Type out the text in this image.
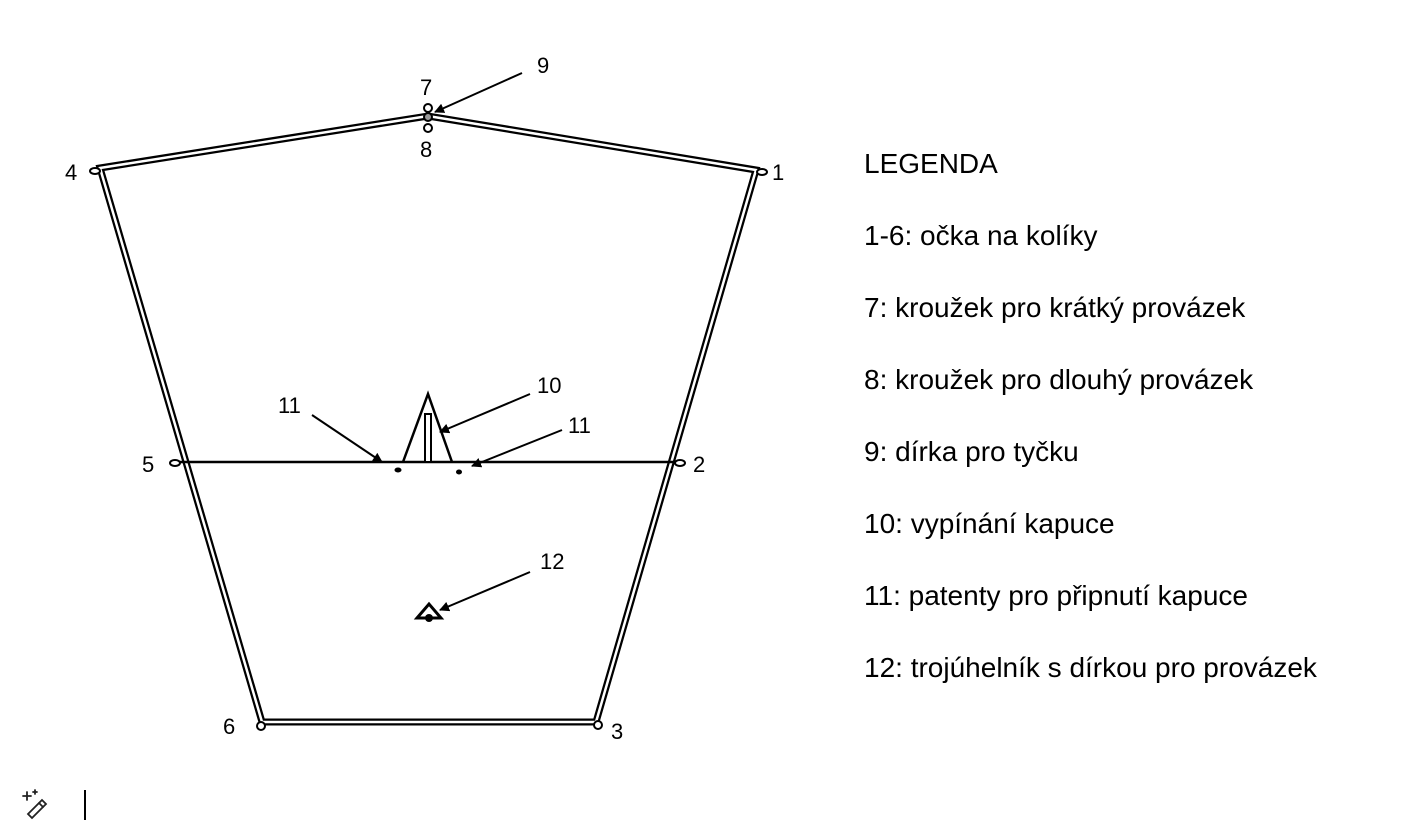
1
2
3
4
5
6
7
8
9
10
11
11
12
LEGENDA
1-6: očka na kolíky
7: kroužek pro krátký provázek
8: kroužek pro dlouhý provázek
9: dírka pro tyčku
10: vypínání kapuce
11: patenty pro připnutí kapuce
12: trojúhelník s dírkou pro provázek
